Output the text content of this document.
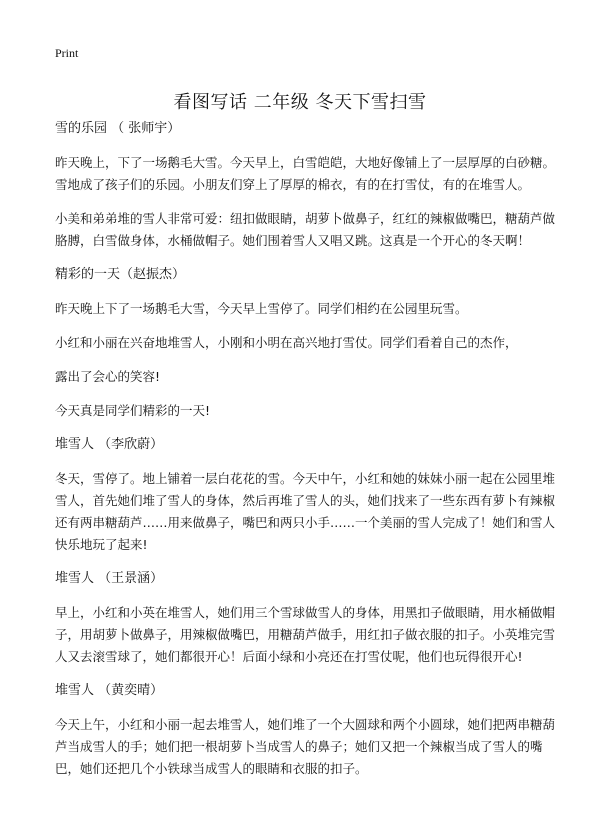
Print
看图写话 二年级 冬天下雪扫雪
雪的乐园 （ 张师宇）

昨天晚上，下了一场鹅毛大雪。今天早上，白雪皑皑，大地好像铺上了一层厚厚的白砂糖。雪地成了孩子们的乐园。小朋友们穿上了厚厚的棉衣，有的在打雪仗，有的在堆雪人。

小美和弟弟堆的雪人非常可爱：纽扣做眼睛，胡萝卜做鼻子，红红的辣椒做嘴巴，糖葫芦做胳膊，白雪做身体，水桶做帽子。她们围着雪人又唱又跳。这真是一个开心的冬天啊！

精彩的一天（赵振杰）

昨天晚上下了一场鹅毛大雪，今天早上雪停了。同学们相约在公园里玩雪。

小红和小丽在兴奋地堆雪人，小刚和小明在高兴地打雪仗。同学们看着自己的杰作，

露出了会心的笑容!

今天真是同学们精彩的一天!

堆雪人 （李欣蔚）

冬天，雪停了。地上铺着一层白花花的雪。今天中午，小红和她的妹妹小丽一起在公园里堆雪人，首先她们堆了雪人的身体，然后再堆了雪人的头，她们找来了一些东西有萝卜有辣椒还有两串糖葫芦……用来做鼻子，嘴巴和两只小手……一个美丽的雪人完成了！她们和雪人快乐地玩了起来!

堆雪人 （王景涵）

早上，小红和小英在堆雪人，她们用三个雪球做雪人的身体，用黑扣子做眼睛，用水桶做帽子，用胡萝卜做鼻子，用辣椒做嘴巴，用糖葫芦做手，用红扣子做衣服的扣子。小英堆完雪人又去滚雪球了，她们都很开心！后面小绿和小亮还在打雪仗呢，他们也玩得很开心!

堆雪人 （黄奕晴）

今天上午，小红和小丽一起去堆雪人，她们堆了一个大圆球和两个小圆球，她们把两串糖葫芦当成雪人的手；她们把一根胡萝卜当成雪人的鼻子；她们又把一个辣椒当成了雪人的嘴巴，她们还把几个小铁球当成雪人的眼睛和衣服的扣子。
